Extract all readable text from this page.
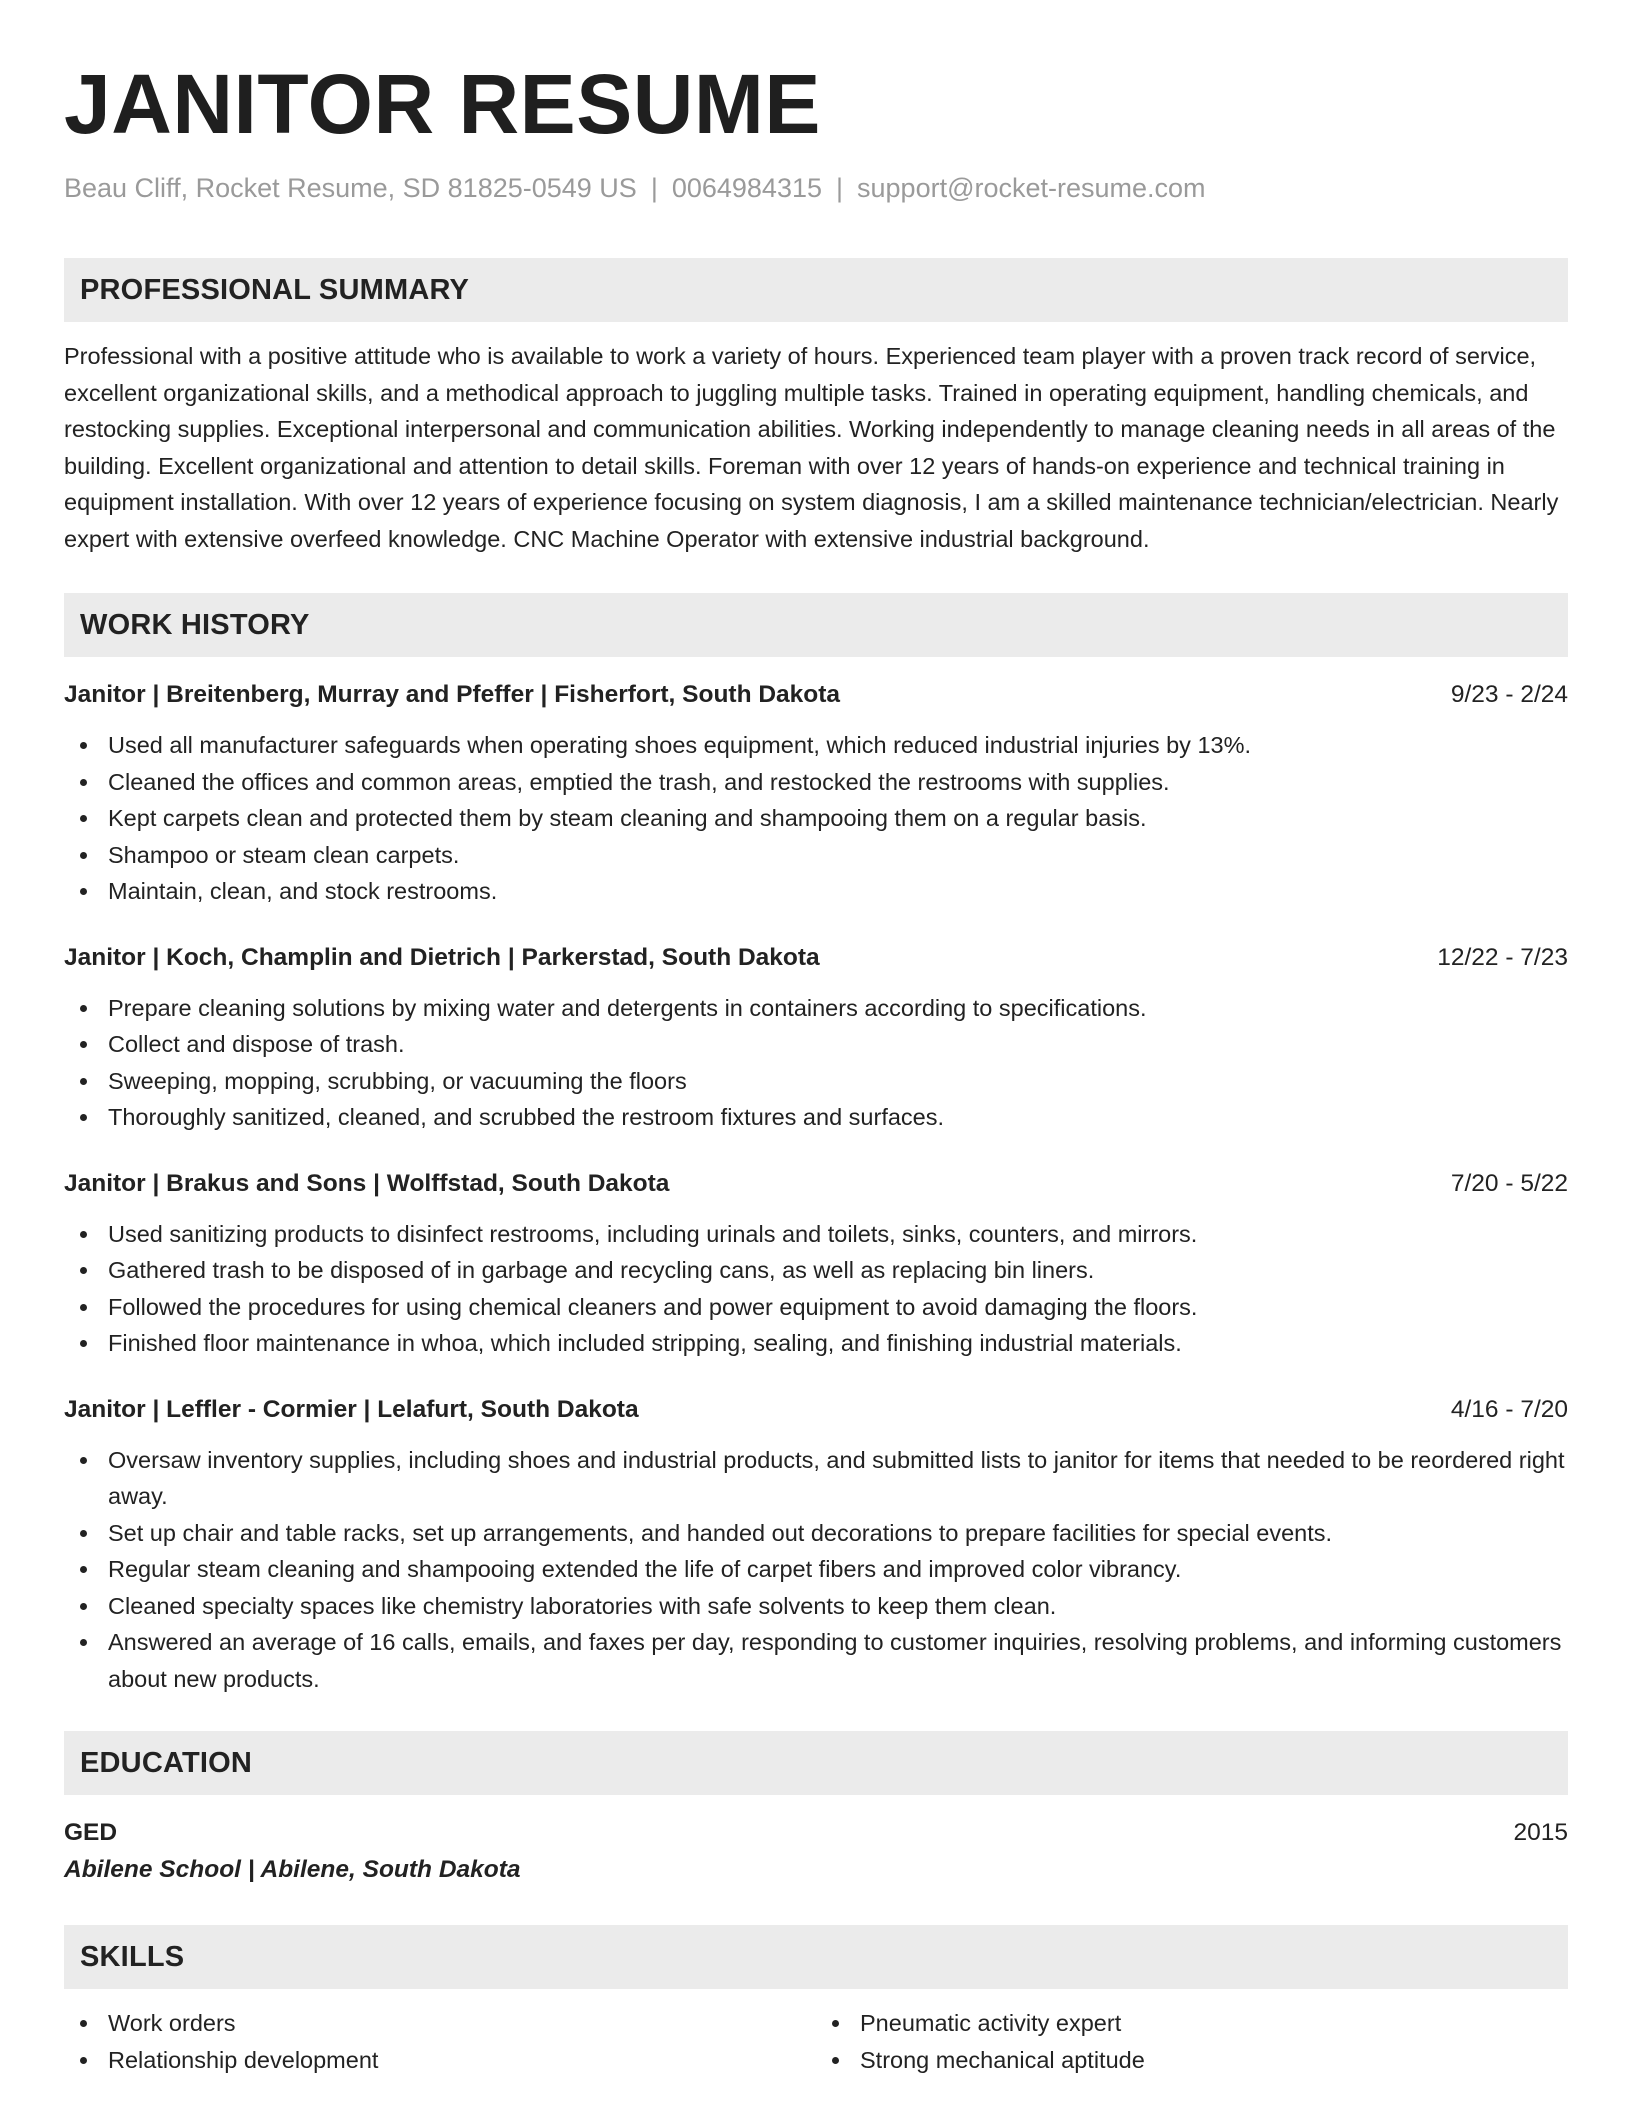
JANITOR RESUME
Beau Cliff, Rocket Resume, SD 81825-0549 US | 0064984315 | support@rocket-resume.com
PROFESSIONAL SUMMARY

Professional with a positive attitude who is available to work a variety of hours. Experienced team player with a proven track record of service, excellent organizational skills, and a methodical approach to juggling multiple tasks. Trained in operating equipment, handling chemicals, and restocking supplies. Exceptional interpersonal and communication abilities. Working independently to manage cleaning needs in all areas of the building. Excellent organizational and attention to detail skills. Foreman with over 12 years of hands-on experience and technical training in equipment installation. With over 12 years of experience focusing on system diagnosis, I am a skilled maintenance technician/electrician. Nearly expert with extensive overfeed knowledge. CNC Machine Operator with extensive industrial background.

WORK HISTORY
Janitor | Breitenberg, Murray and Pfeffer | Fisherfort, South Dakota	9/23 - 2/24
Used all manufacturer safeguards when operating shoes equipment, which reduced industrial injuries by 13%.
Cleaned the offices and common areas, emptied the trash, and restocked the restrooms with supplies.
Kept carpets clean and protected them by steam cleaning and shampooing them on a regular basis.
Shampoo or steam clean carpets.
Maintain, clean, and stock restrooms.
Janitor | Koch, Champlin and Dietrich | Parkerstad, South Dakota	12/22 - 7/23
Prepare cleaning solutions by mixing water and detergents in containers according to specifications.
Collect and dispose of trash.
Sweeping, mopping, scrubbing, or vacuuming the floors
Thoroughly sanitized, cleaned, and scrubbed the restroom fixtures and surfaces.
Janitor | Brakus and Sons | Wolffstad, South Dakota	7/20 - 5/22
Used sanitizing products to disinfect restrooms, including urinals and toilets, sinks, counters, and mirrors.
Gathered trash to be disposed of in garbage and recycling cans, as well as replacing bin liners.
Followed the procedures for using chemical cleaners and power equipment to avoid damaging the floors.
Finished floor maintenance in whoa, which included stripping, sealing, and finishing industrial materials.
Janitor | Leffler - Cormier | Lelafurt, South Dakota	4/16 - 7/20
Oversaw inventory supplies, including shoes and industrial products, and submitted lists to janitor for items that needed to be reordered right away.
Set up chair and table racks, set up arrangements, and handed out decorations to prepare facilities for special events.
Regular steam cleaning and shampooing extended the life of carpet fibers and improved color vibrancy.
Cleaned specialty spaces like chemistry laboratories with safe solvents to keep them clean.
Answered an average of 16 calls, emails, and faxes per day, responding to customer inquiries, resolving problems, and informing customers about new products.
EDUCATION
GED	2015
Abilene School | Abilene, South Dakota
SKILLS
Work orders
Relationship development
Pneumatic activity expert
Strong mechanical aptitude
